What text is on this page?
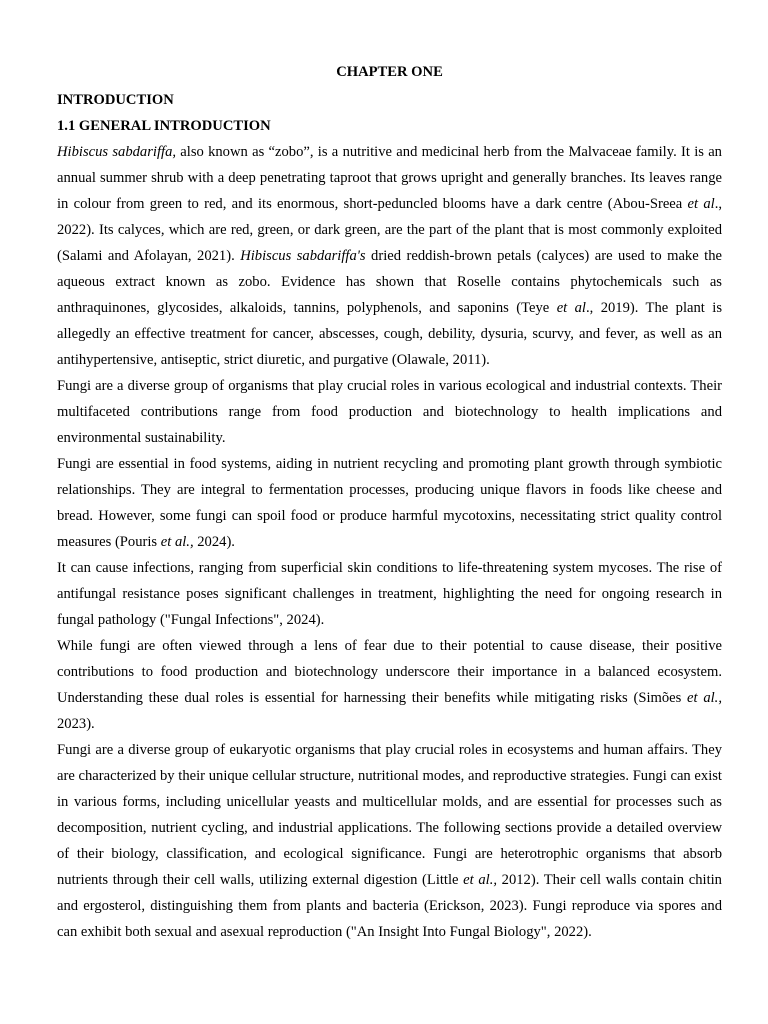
CHAPTER ONE
INTRODUCTION
1.1 GENERAL INTRODUCTION

Hibiscus sabdariffa, also known as “zobo”, is a nutritive and medicinal herb from the Malvaceae family. It is an annual summer shrub with a deep penetrating taproot that grows upright and generally branches. Its leaves range in colour from green to red, and its enormous, short-peduncled blooms have a dark centre (Abou-Sreea et al., 2022). Its calyces, which are red, green, or dark green, are the part of the plant that is most commonly exploited (Salami and Afolayan, 2021). Hibiscus sabdariffa's dried reddish-brown petals (calyces) are used to make the aqueous extract known as zobo. Evidence has shown that Roselle contains phytochemicals such as anthraquinones, glycosides, alkaloids, tannins, polyphenols, and saponins (Teye et al., 2019). The plant is allegedly an effective treatment for cancer, abscesses, cough, debility, dysuria, scurvy, and fever, as well as an antihypertensive, antiseptic, strict diuretic, and purgative (Olawale, 2011).

Fungi are a diverse group of organisms that play crucial roles in various ecological and industrial contexts. Their multifaceted contributions range from food production and biotechnology to health implications and environmental sustainability.

Fungi are essential in food systems, aiding in nutrient recycling and promoting plant growth through symbiotic relationships. They are integral to fermentation processes, producing unique flavors in foods like cheese and bread. However, some fungi can spoil food or produce harmful mycotoxins, necessitating strict quality control measures (Pouris et al., 2024).

It can cause infections, ranging from superficial skin conditions to life-threatening system mycoses. The rise of antifungal resistance poses significant challenges in treatment, highlighting the need for ongoing research in fungal pathology ("Fungal Infections", 2024).

While fungi are often viewed through a lens of fear due to their potential to cause disease, their positive contributions to food production and biotechnology underscore their importance in a balanced ecosystem. Understanding these dual roles is essential for harnessing their benefits while mitigating risks (Simões et al., 2023).

Fungi are a diverse group of eukaryotic organisms that play crucial roles in ecosystems and human affairs. They are characterized by their unique cellular structure, nutritional modes, and reproductive strategies. Fungi can exist in various forms, including unicellular yeasts and multicellular molds, and are essential for processes such as decomposition, nutrient cycling, and industrial applications. The following sections provide a detailed overview of their biology, classification, and ecological significance. Fungi are heterotrophic organisms that absorb nutrients through their cell walls, utilizing external digestion (Little et al., 2012). Their cell walls contain chitin and ergosterol, distinguishing them from plants and bacteria (Erickson, 2023). Fungi reproduce via spores and can exhibit both sexual and asexual reproduction ("An Insight Into Fungal Biology", 2022).
